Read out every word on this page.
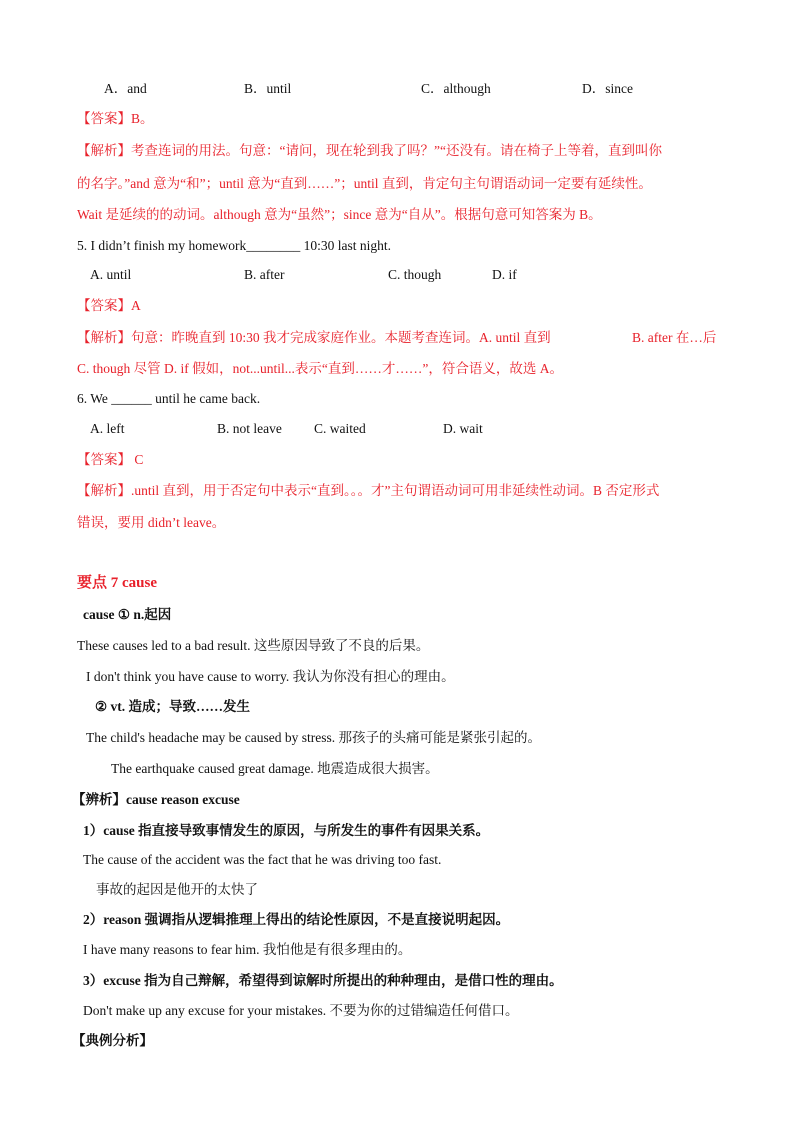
A．and	B．until	C．although	D．since
【答案】B。
【解析】考查连词的用法。句意：“请问，现在轮到我了吗？”“还没有。请在椅子上等着，直到叫你
的名字。”and 意为“和”；until 意为“直到……”；until 直到，肯定句主句谓语动词一定要有延续性。
Wait 是延续的的动词。although 意为“虽然”；since 意为“自从”。根据句意可知答案为 B。
5. I didn’t finish my homework________ 10:30 last night.
A. until	B. after	C. though	D. if
【答案】A
【解析】句意：昨晚直到 10:30 我才完成家庭作业。本题考查连词。A. until 直到	B. after 在…后
C. though 尽管 D. if 假如，not...until...表示“直到……才……”，符合语义，故选 A。
6. We ______ until he came back.
A. left	B. not leave C. waited	D. wait
【答案】 C
【解析】.until 直到，用于否定句中表示“直到。。。才”主句谓语动词可用非延续性动词。B 否定形式
错误，要用 didn’t leave。
要点 7 cause
cause ① n.起因
These causes led to a bad result. 这些原因导致了不良的后果。
I don't think you have cause to worry. 我认为你没有担心的理由。
② vt. 造成；导致……发生
The child's headache may be caused by stress. 那孩子的头痛可能是紧张引起的。
The earthquake caused great damage. 地震造成很大损害。
【辨析】cause reason excuse
1）cause 指直接导致事情发生的原因，与所发生的事件有因果关系。
The cause of the accident was the fact that he was driving too fast.
事故的起因是他开的太快了
2）reason 强调指从逻辑推理上得出的结论性原因，不是直接说明起因。
I have many reasons to fear him. 我怕他是有很多理由的。
3）excuse 指为自己辩解，希望得到谅解时所提出的种种理由，是借口性的理由。
Don't make up any excuse for your mistakes. 不要为你的过错编造任何借口。
【典例分析】
